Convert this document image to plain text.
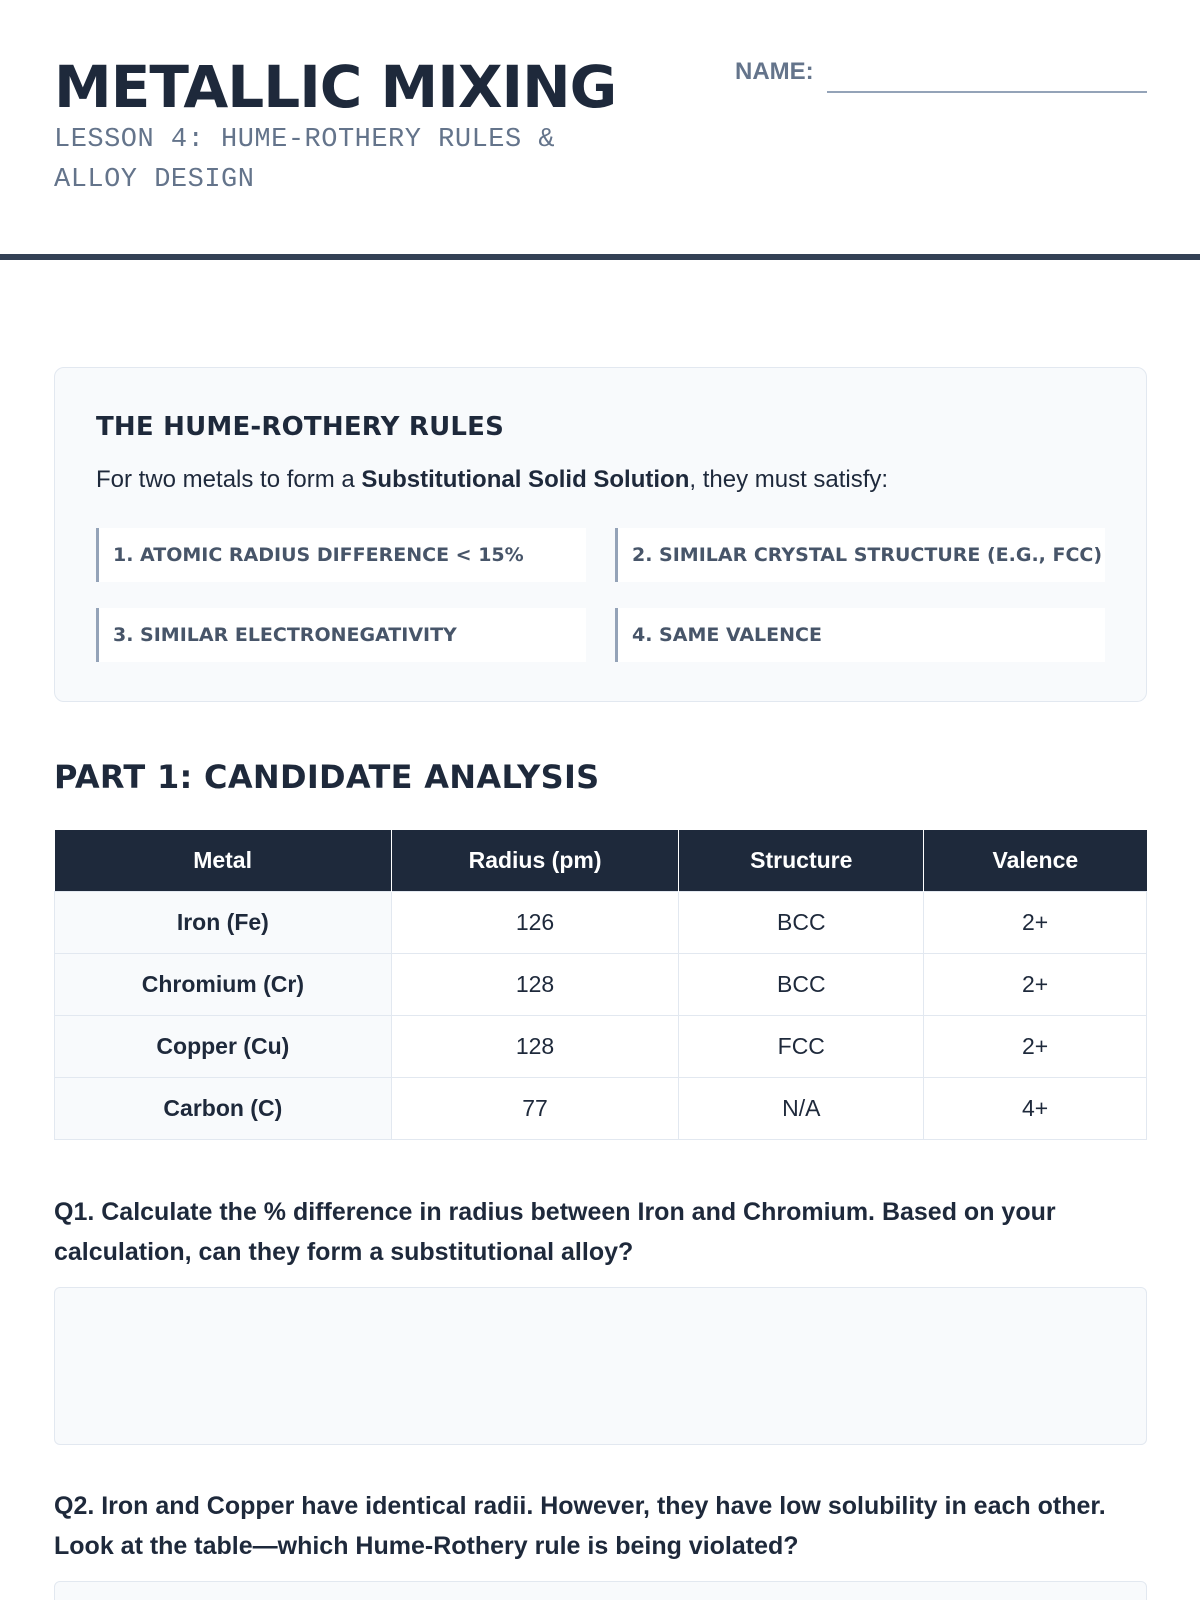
METALLIC MIXING
LESSON 4: HUME-ROTHERY RULES & ALLOY DESIGN
NAME:
THE HUME-ROTHERY RULES
For two metals to form a Substitutional Solid Solution, they must satisfy:
1. ATOMIC RADIUS DIFFERENCE < 15%	2. SIMILAR CRYSTAL STRUCTURE (E.G., FCC)
3. SIMILAR ELECTRONEGATIVITY	4. SAME VALENCE
PART 1: CANDIDATE ANALYSIS
Metal	Radius (pm)	Structure	Valence
Iron (Fe)	126	BCC	2+
Chromium (Cr)	128	BCC	2+
Copper (Cu)	128	FCC	2+
Carbon (C)	77	N/A	4+
Q1. Calculate the % difference in radius between Iron and Chromium. Based on your calculation, can they form a substitutional alloy?
Q2. Iron and Copper have identical radii. However, they have low solubility in each other. Look at the table—which Hume-Rothery rule is being violated?
